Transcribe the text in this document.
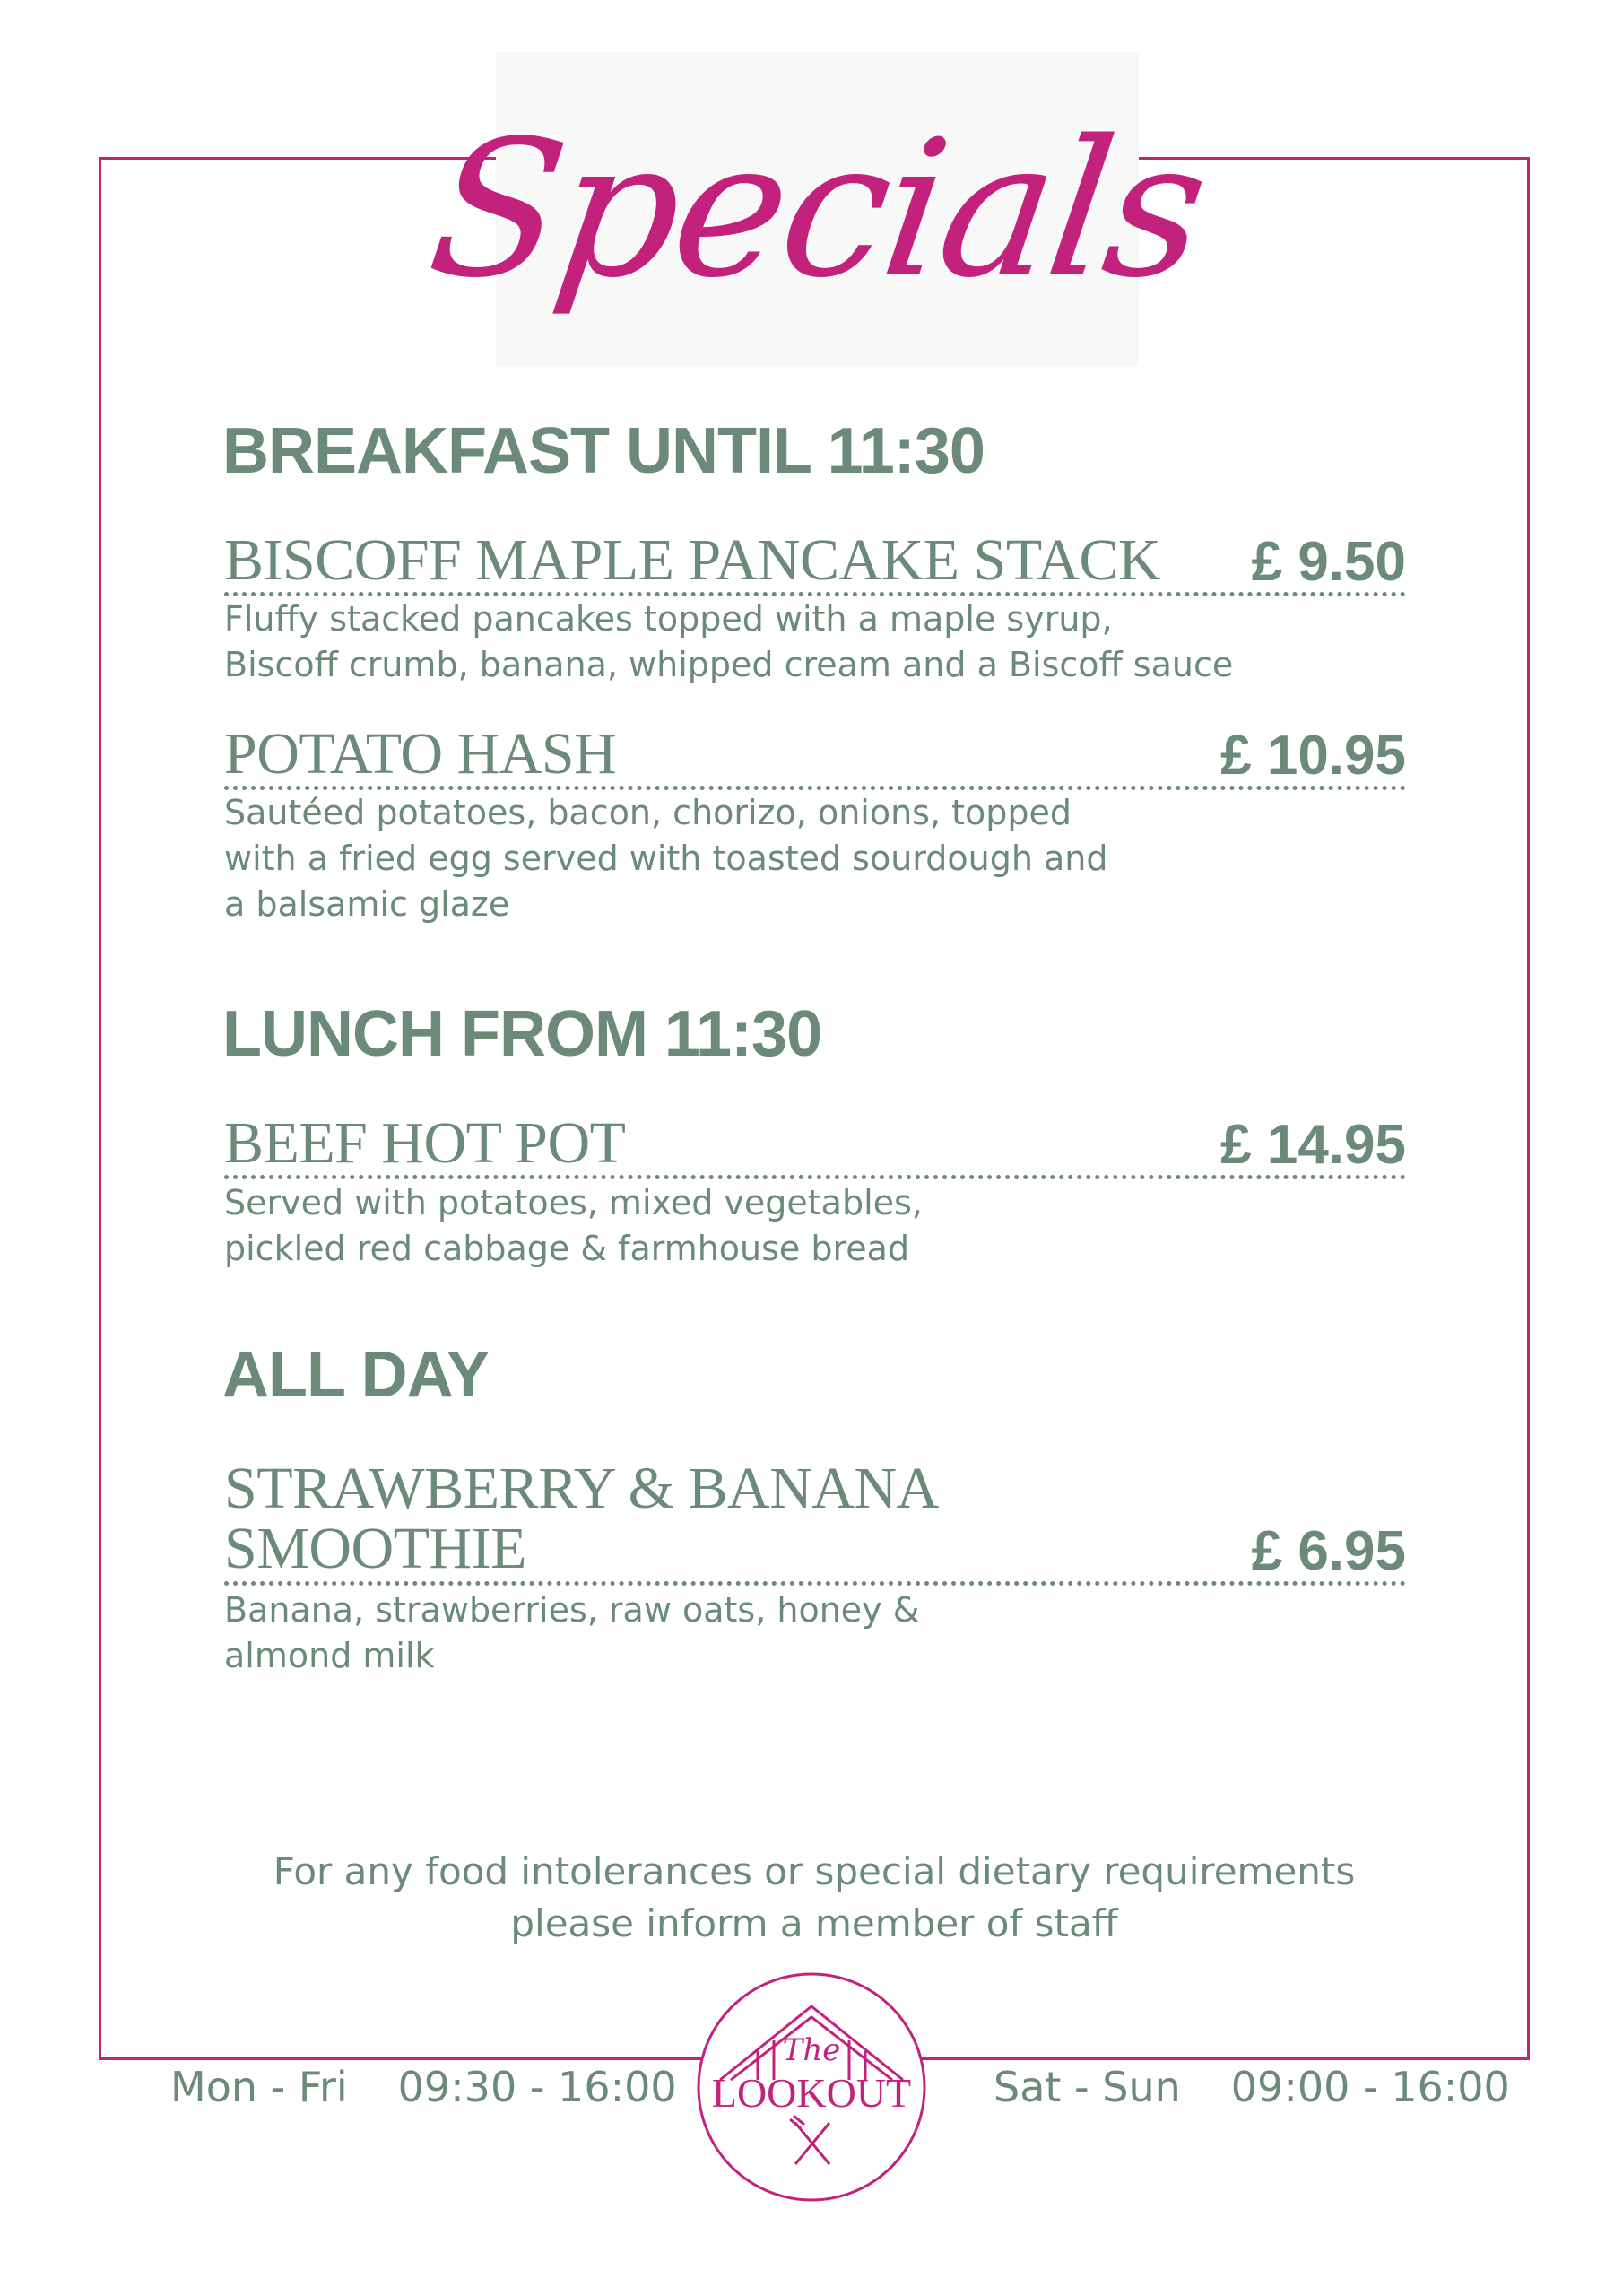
Specials
BREAKFAST UNTIL 11:30
BISCOFF MAPLE PANCAKE STACK £ 9.50
Fluffy stacked pancakes topped with a maple syrup,
Biscoff crumb, banana, whipped cream and a Biscoff sauce
POTATO HASH	£ 10.95
Sautéed potatoes, bacon, chorizo, onions, topped
with a fried egg served with toasted sourdough and
a balsamic glaze
LUNCH FROM 11:30
BEEF HOT POT	£ 14.95
Served with potatoes, mixed vegetables,
pickled red cabbage & farmhouse bread
ALL DAY
STRAWBERRY & BANANA
SMOOTHIE	£ 6.95
Banana, strawberries, raw oats, honey &
almond milk
For any food intolerances or special dietary requirements
please inform a member of staff
Mon - Fri 09:30 - 16:00	Sat - Sun 09:00 - 16:00
The
LOOKOUT
